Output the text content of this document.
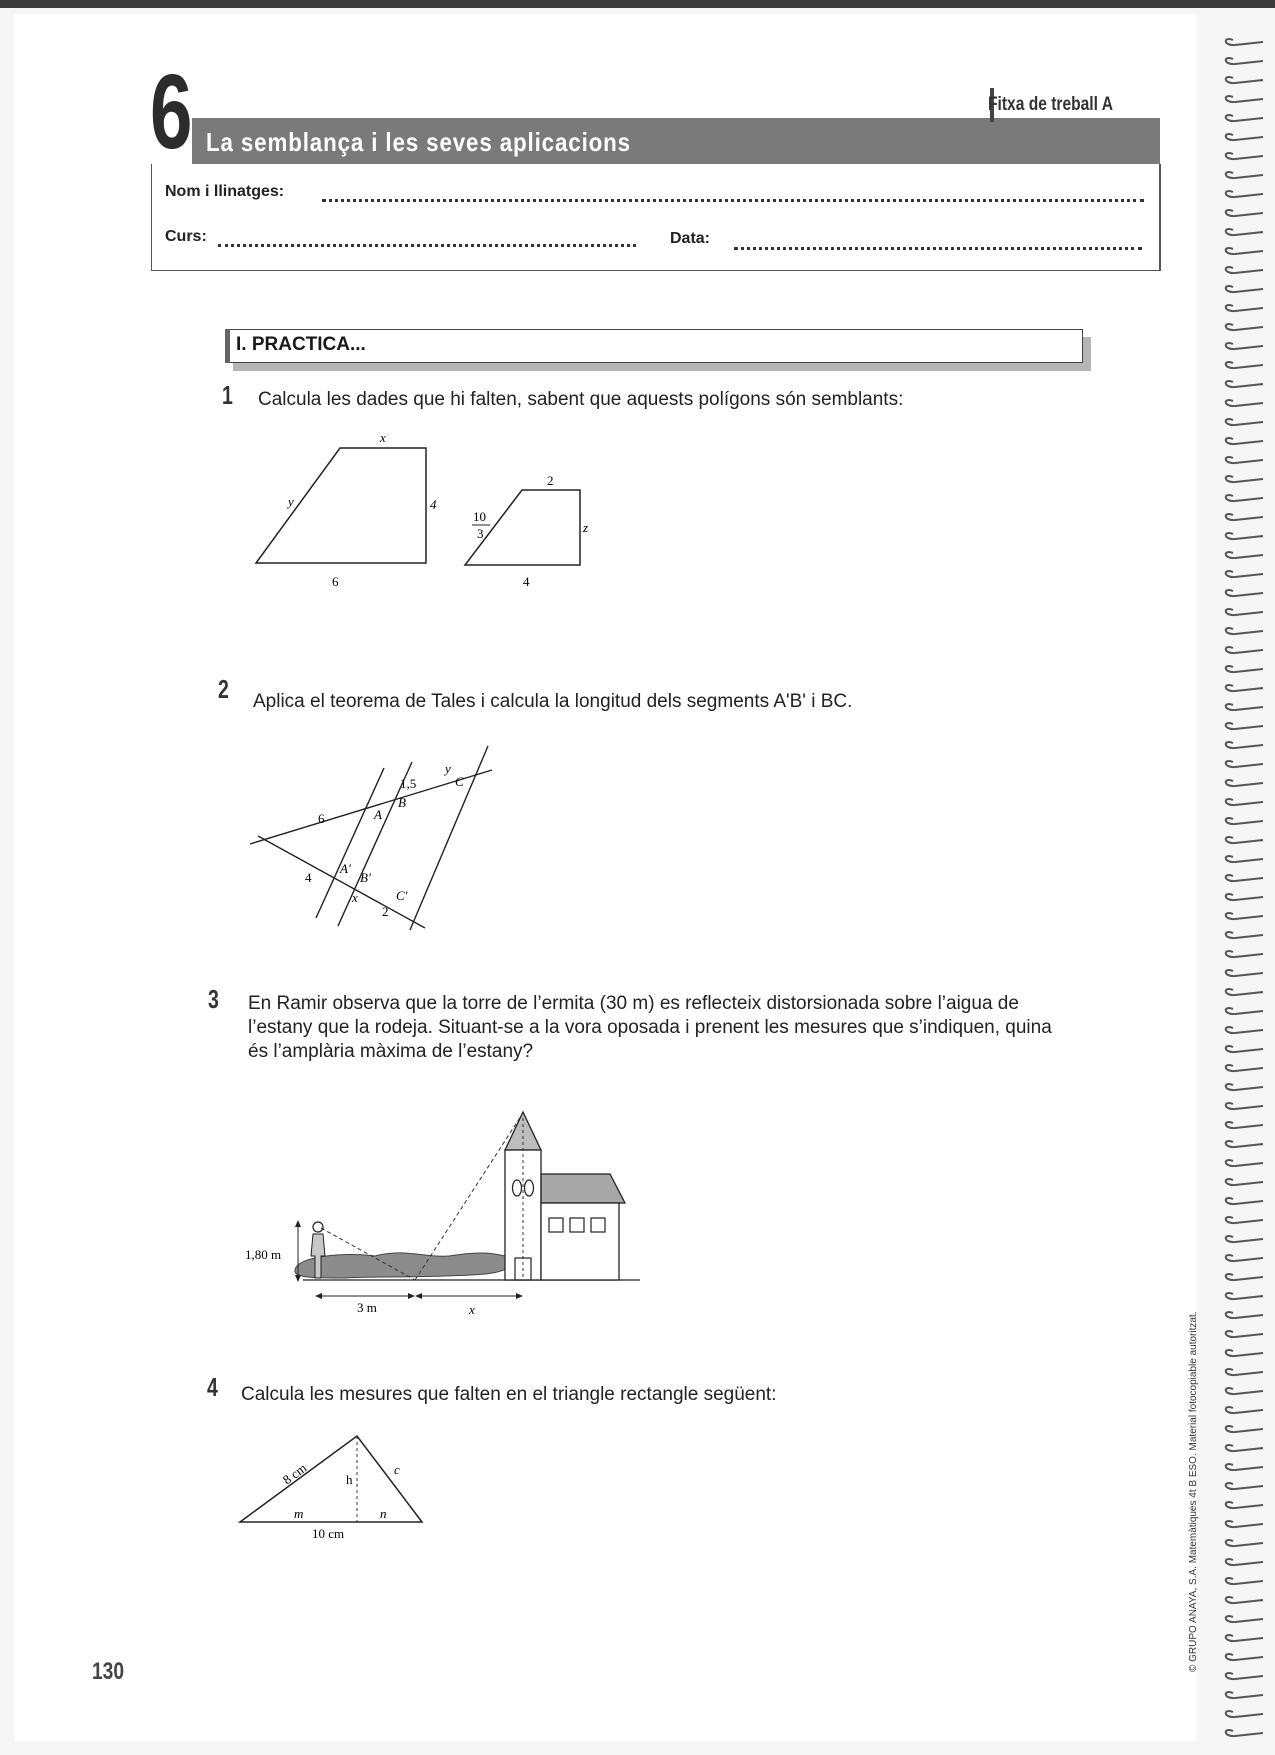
6 La semblança i les seves aplicacions
Fitxa de treball A
Nom i llinatges:
Curs:	Data:
I. PRACTICA...
1 Calcula les dades que hi falten, sabent que aquests polígons són semblants:
x
y	4
6
2
10
3	z
4
2 Aplica el teorema de Tales i calcula la longitud dels segments A'B' i BC.
6
1,5
y
A
B
C
4
A'
B'
C'
x
2
3 En Ramir observa que la torre de l’ermita (30 m) es reflecteix distorsionada sobre l’aigua de l’estany que la rodeja. Situant-se a la vora oposada i prenent les mesures que s’indiquen, quina és l’amplària màxima de l’estany?
1,80 m
3 m	x
4 Calcula les mesures que falten en el triangle rectangle següent:
8 cm	h
c
m	n
10 cm
130	© GRUPO ANAYA, S.A. Matemàtiques 4t B ESO. Material fotocopiable autoritzat.
